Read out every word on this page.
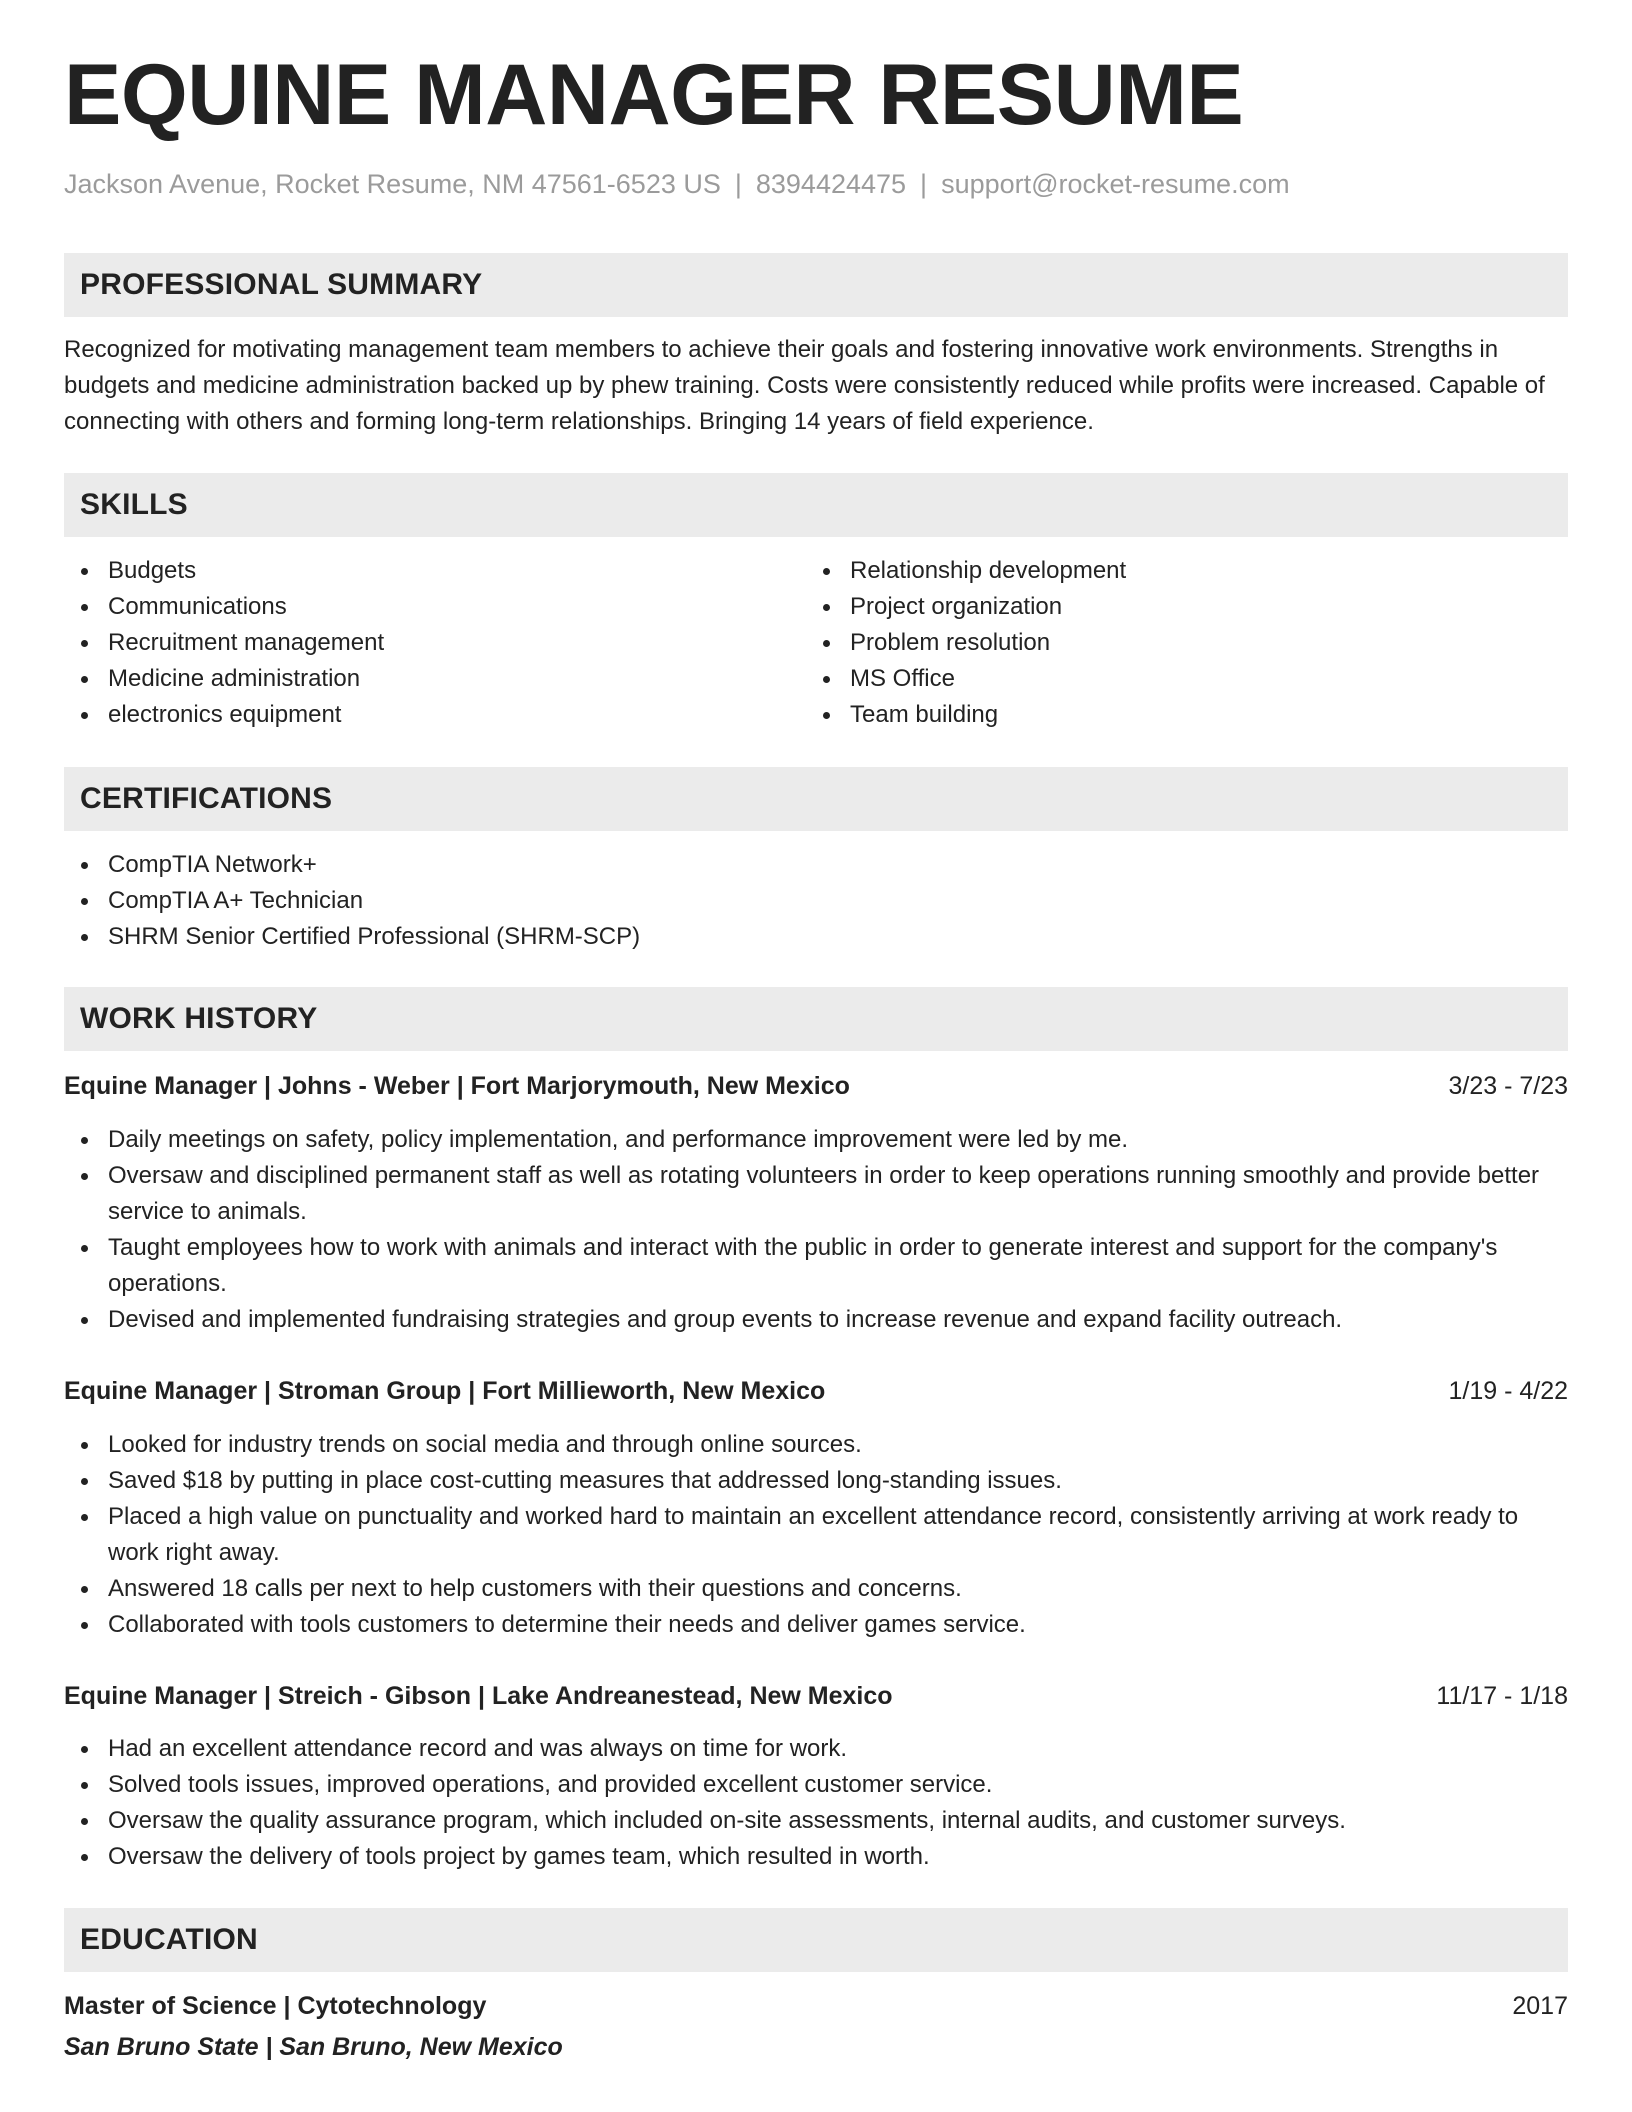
EQUINE MANAGER RESUME
Jackson Avenue, Rocket Resume, NM 47561-6523 US | 8394424475 | support@rocket-resume.com
PROFESSIONAL SUMMARY

Recognized for motivating management team members to achieve their goals and fostering innovative work environments. Strengths in budgets and medicine administration backed up by phew training. Costs were consistently reduced while profits were increased. Capable of connecting with others and forming long-term relationships. Bringing 14 years of field experience.

SKILLS
Budgets
Communications
Recruitment management
Medicine administration
electronics equipment
Relationship development
Project organization
Problem resolution
MS Office
Team building
CERTIFICATIONS
CompTIA Network+
CompTIA A+ Technician
SHRM Senior Certified Professional (SHRM-SCP)
WORK HISTORY
Equine Manager | Johns - Weber | Fort Marjorymouth, New Mexico	3/23 - 7/23
Daily meetings on safety, policy implementation, and performance improvement were led by me.
Oversaw and disciplined permanent staff as well as rotating volunteers in order to keep operations running smoothly and provide better service to animals.
Taught employees how to work with animals and interact with the public in order to generate interest and support for the company's operations.
Devised and implemented fundraising strategies and group events to increase revenue and expand facility outreach.
Equine Manager | Stroman Group | Fort Millieworth, New Mexico	1/19 - 4/22
Looked for industry trends on social media and through online sources.
Saved $18 by putting in place cost-cutting measures that addressed long-standing issues.
Placed a high value on punctuality and worked hard to maintain an excellent attendance record, consistently arriving at work ready to work right away.
Answered 18 calls per next to help customers with their questions and concerns.
Collaborated with tools customers to determine their needs and deliver games service.
Equine Manager | Streich - Gibson | Lake Andreanestead, New Mexico	11/17 - 1/18
Had an excellent attendance record and was always on time for work.
Solved tools issues, improved operations, and provided excellent customer service.
Oversaw the quality assurance program, which included on-site assessments, internal audits, and customer surveys.
Oversaw the delivery of tools project by games team, which resulted in worth.
EDUCATION
Master of Science | Cytotechnology	2017
San Bruno State | San Bruno, New Mexico
